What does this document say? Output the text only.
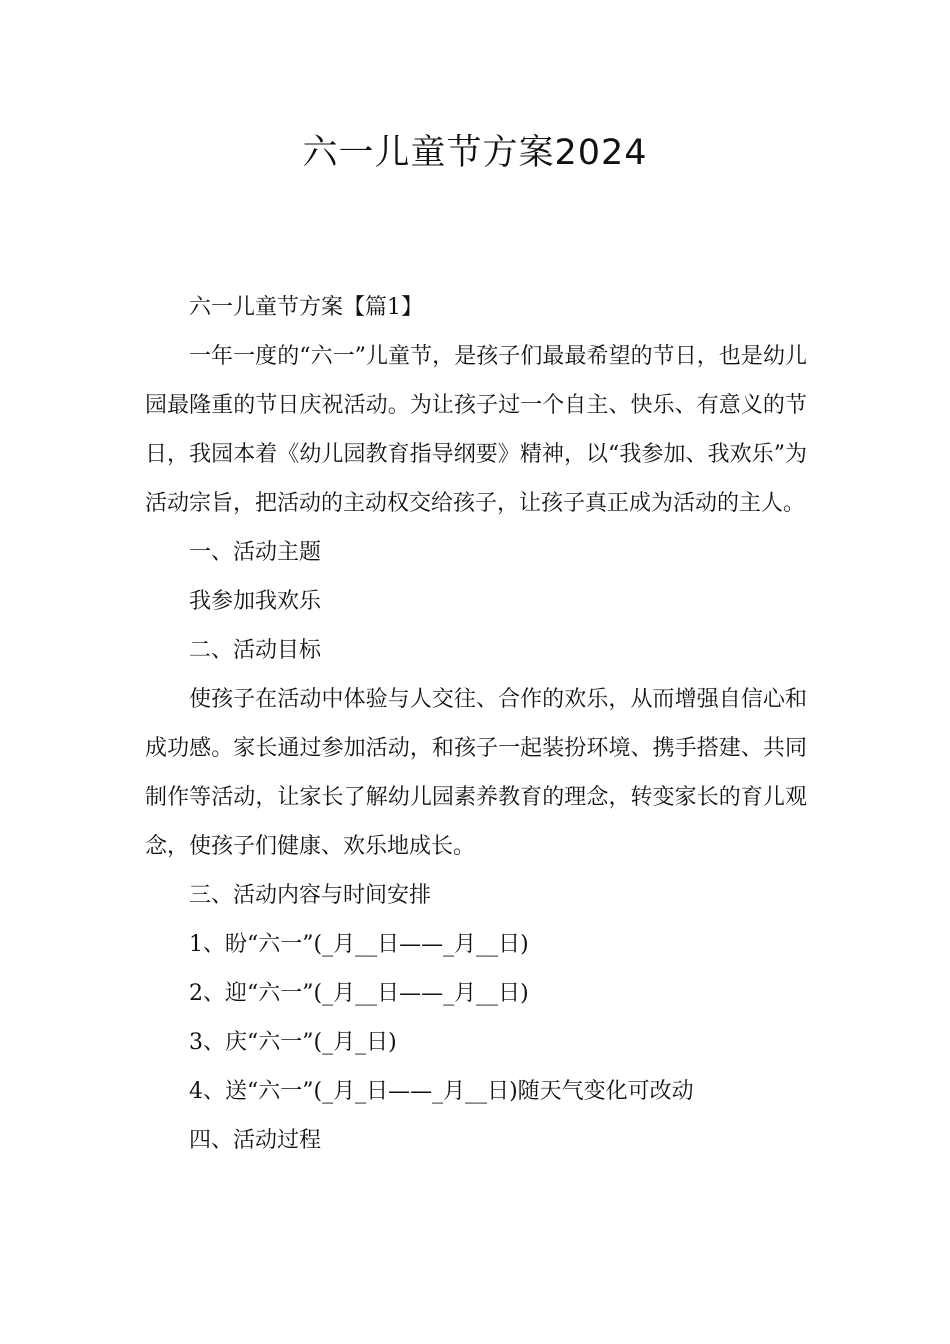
六一儿童节方案2024

六一儿童节方案【篇1】

一年一度的“六一”儿童节，是孩子们最最希望的节日，也是幼儿园最隆重的节日庆祝活动。为让孩子过一个自主、快乐、有意义的节日，我园本着《幼儿园教育指导纲要》精神，以“我参加、我欢乐”为活动宗旨，把活动的主动权交给孩子，让孩子真正成为活动的主人。

一、活动主题

我参加我欢乐

二、活动目标

使孩子在活动中体验与人交往、合作的欢乐，从而增强自信心和成功感。家长通过参加活动，和孩子一起装扮环境、携手搭建、共同制作等活动，让家长了解幼儿园素养教育的理念，转变家长的育儿观念，使孩子们健康、欢乐地成长。

三、活动内容与时间安排

1、盼“六一”(_月__日——_月__日)

2、迎“六一”(_月__日——_月__日)

3、庆“六一”(_月_日)

4、送“六一”(_月_日——_月__日)随天气变化可改动

四、活动过程
